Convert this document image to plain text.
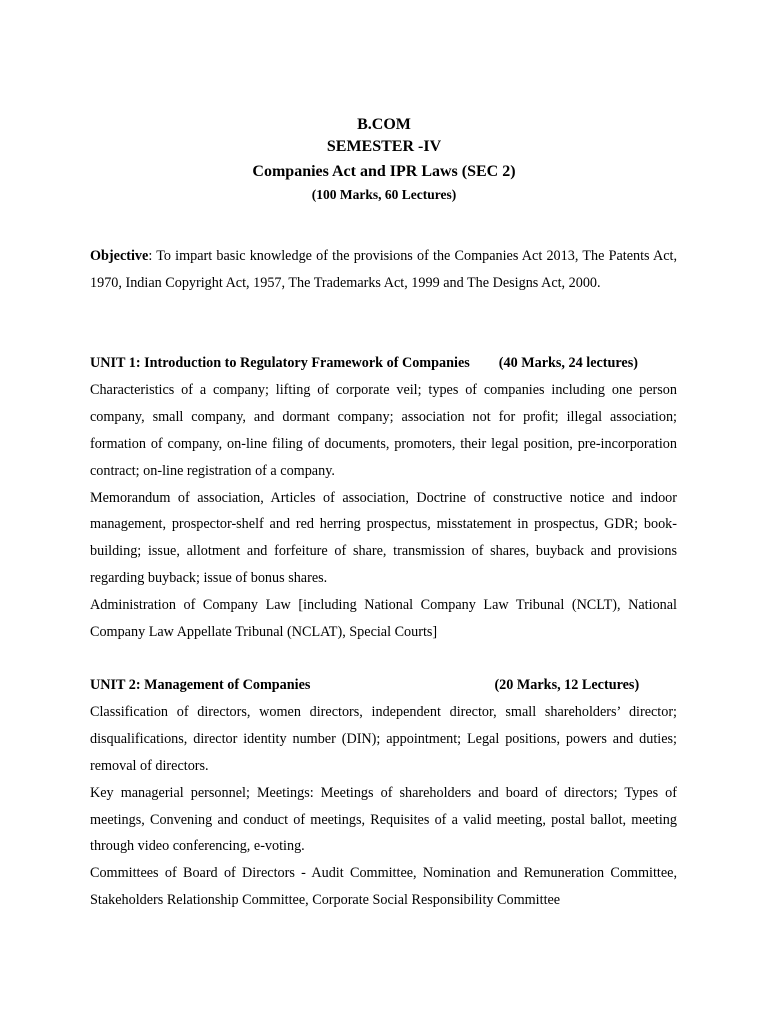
B.COM
SEMESTER -IV
Companies Act and IPR Laws (SEC 2)
(100 Marks, 60 Lectures)

Objective: To impart basic knowledge of the provisions of the Companies Act 2013, The Patents Act, 1970, Indian Copyright Act, 1957, The Trademarks Act, 1999 and The Designs Act, 2000.

UNIT 1: Introduction to Regulatory Framework of Companies (40 Marks, 24 lectures)

Characteristics of a company; lifting of corporate veil; types of companies including one person company, small company, and dormant company; association not for profit; illegal association; formation of company, on-line filing of documents, promoters, their legal position, pre-incorporation contract; on-line registration of a company.

Memorandum of association, Articles of association, Doctrine of constructive notice and indoor management, prospector-shelf and red herring prospectus, misstatement in prospectus, GDR; book-building; issue, allotment and forfeiture of share, transmission of shares, buyback and provisions regarding buyback; issue of bonus shares.

Administration of Company Law [including National Company Law Tribunal (NCLT), National Company Law Appellate Tribunal (NCLAT), Special Courts]

UNIT 2: Management of Companies	(20 Marks, 12 Lectures)

Classification of directors, women directors, independent director, small shareholders’ director; disqualifications, director identity number (DIN); appointment; Legal positions, powers and duties; removal of directors.

Key managerial personnel; Meetings: Meetings of shareholders and board of directors; Types of meetings, Convening and conduct of meetings, Requisites of a valid meeting, postal ballot, meeting through video conferencing, e-voting.

Committees of Board of Directors - Audit Committee, Nomination and Remuneration Committee, Stakeholders Relationship Committee, Corporate Social Responsibility Committee
